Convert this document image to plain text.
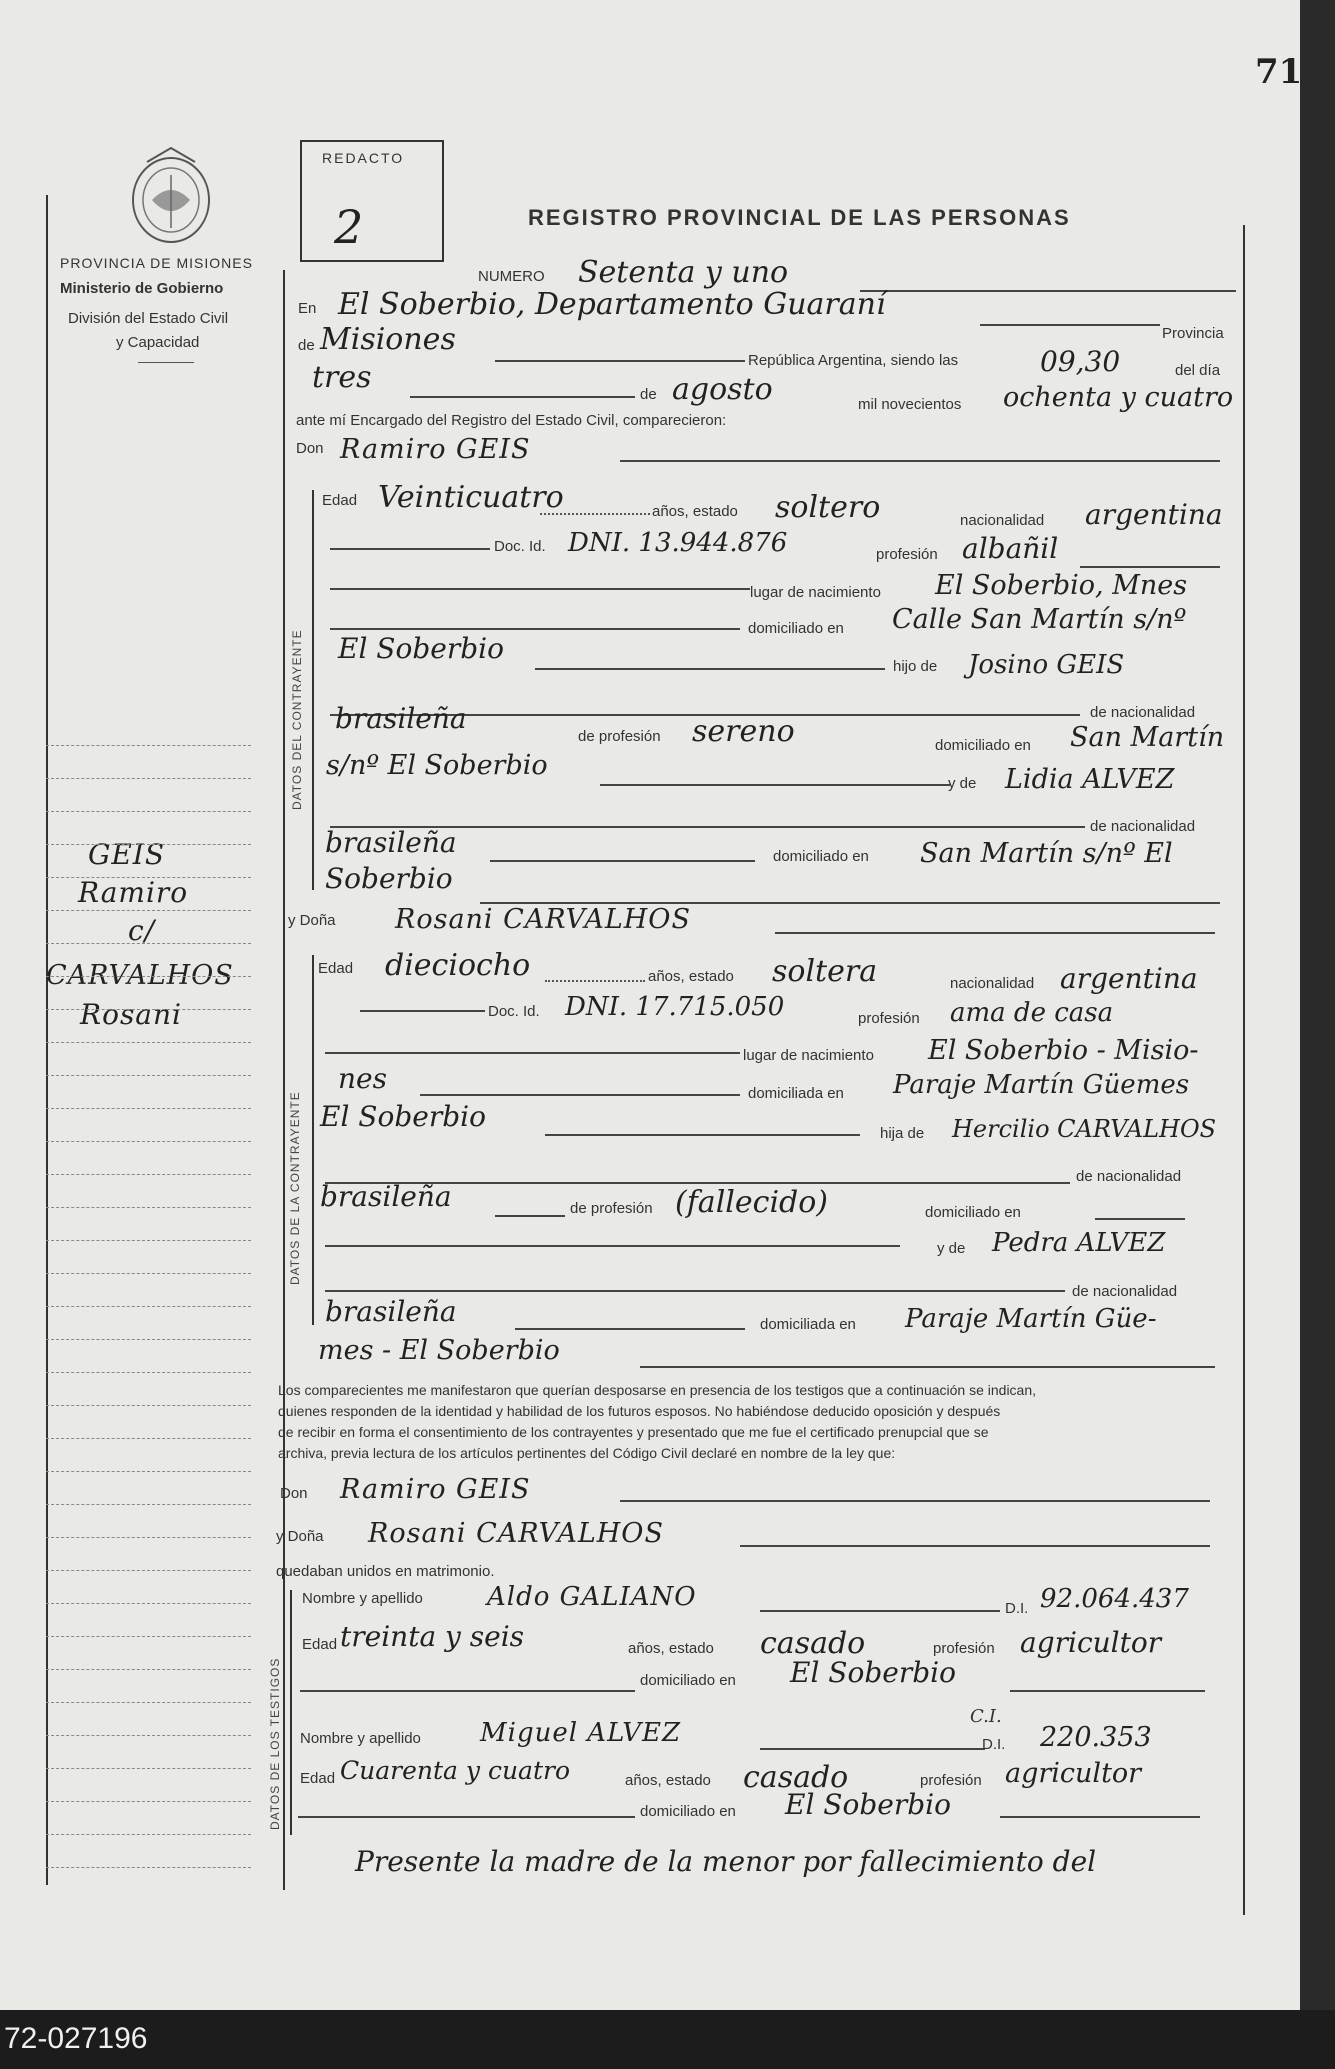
71
PROVINCIA DE MISIONES
Ministerio de Gobierno
División del Estado Civil
y Capacidad
REDACTO
2	REGISTRO PROVINCIAL DE LAS PERSONAS
NUMERO Setenta y uno
En El Soberbio, Departamento Guaraní
Provincia
de Misiones
República Argentina, siendo las	09,30	del día
tres	de agosto	mil novecientos ochenta y cuatro
ante mí Encargado del Registro del Estado Civil, comparecieron:
Don Ramiro GEIS
DATOS DEL CONTRAYENTE
Edad Veinticuatro	años, estado soltero	nacionalidad argentina
Doc. Id. DNI. 13.944.876	profesión albañil
lugar de nacimiento El Soberbio, Mnes
domiciliado en Calle San Martín s/nº
El Soberbio
hijo de Josino GEIS
de nacionalidad
brasileña
de profesión sereno	domiciliado en San Martín
s/nº El Soberbio
y de Lidia ALVEZ
de nacionalidad
brasileña	domiciliado en San Martín s/nº El
Soberbio
y Doña Rosani CARVALHOS
DATOS DE LA CONTRAYENTE
Edad dieciocho	años, estado soltera	nacionalidad argentina
Doc. Id. DNI. 17.715.050	profesión ama de casa
lugar de nacimiento El Soberbio - Misio-
nes	domiciliada en Paraje Martín Güemes
El Soberbio
hija de Hercilio CARVALHOS
de nacionalidad
brasileña	de profesión (fallecido)	domiciliado en
y de Pedra ALVEZ
de nacionalidad
brasileña	domiciliada en Paraje Martín Güe-
mes - El Soberbio
Los comparecientes me manifestaron que querían desposarse en presencia de los testigos que a continuación se indican,
quienes responden de la identidad y habilidad de los futuros esposos. No habiéndose deducido oposición y después
de recibir en forma el consentimiento de los contrayentes y presentado que me fue el certificado prenupcial que se
archiva, previa lectura de los artículos pertinentes del Código Civil declaré en nombre de la ley que:
Don Ramiro GEIS
y Doña Rosani CARVALHOS
quedaban unidos en matrimonio.
DATOS DE LOS TESTIGOS
Nombre y apellido Aldo GALIANO	D.I. 92.064.437
Edad treinta y seis	años, estado casado	profesión agricultor
domiciliado en El Soberbio
Nombre y apellido Miguel ALVEZ
C.I.
D.I. 220.353
Edad Cuarenta y cuatro	años, estado casado	profesión agricultor
domiciliado en El Soberbio
Presente la madre de la menor por fallecimiento del
GEIS
Ramiro
c/
CARVALHOS
Rosani
72-027196
